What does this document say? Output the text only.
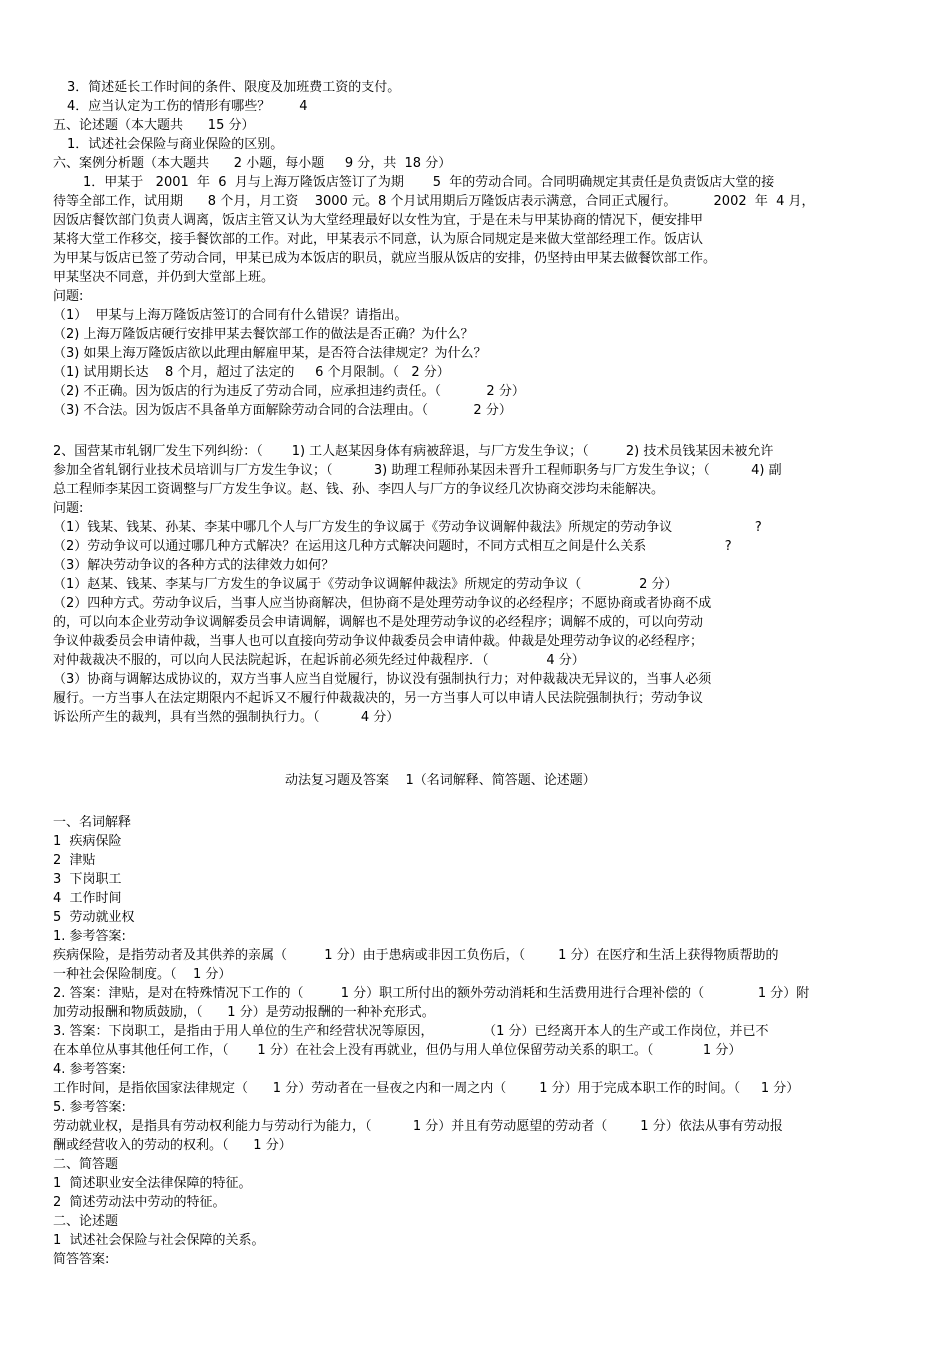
3．简述延长工作时间的条件、限度及加班费工资的支付。
4．应当认定为工伤的情形有哪些？       4
五、论述题（本大题共      15 分）
1．试述社会保险与商业保险的区别。
六、案例分析题（本大题共      2 小题，每小题     9 分，共  18 分）
1．甲某于   2001  年  6  月与上海万隆饭店签订了为期       5  年的劳动合同。合同明确规定其责任是负责饭店大堂的接
待等全部工作，试用期      8 个月，月工资    3000 元。8 个月试用期后万隆饭店表示满意，合同正式履行。         2002  年  4 月，
因饭店餐饮部门负责人调离，饭店主管又认为大堂经理最好以女性为宜，于是在未与甲某协商的情况下，便安排甲
某将大堂工作移交，接手餐饮部的工作。对此，甲某表示不同意，认为原合同规定是来做大堂部经理工作。饭店认
为甲某与饭店已签了劳动合同，甲某已成为本饭店的职员，就应当服从饭店的安排，仍坚持由甲某去做餐饮部工作。
甲某坚决不同意，并仍到大堂部上班。
问题:
（1）  甲某与上海万隆饭店签订的合同有什么错误？请指出。
（2) 上海万隆饭店硬行安排甲某去餐饮部工作的做法是否正确？为什么？
（3) 如果上海万隆饭店欲以此理由解雇甲某，是否符合法律规定？为什么？
（1) 试用期长达    8 个月，超过了法定的     6 个月限制。（   2 分）
（2) 不正确。因为饭店的行为违反了劳动合同，应承担违约责任。（           2 分）
（3) 不合法。因为饭店不具备单方面解除劳动合同的合法理由。（           2 分）
2、国营某市轧钢厂发生下列纠纷：（       1) 工人赵某因身体有病被辞退，与厂方发生争议；（         2) 技术员钱某因未被允许
参加全省轧钢行业技术员培训与厂方发生争议；（          3) 助理工程师孙某因未晋升工程师职务与厂方发生争议；（          4) 副
总工程师李某因工资调整与厂方发生争议。赵、钱、孙、李四人与厂方的争议经几次协商交涉均未能解决。
问题:
（1）钱某、钱某、孙某、李某中哪几个人与厂方发生的争议属于《劳动争议调解仲裁法》所规定的劳动争议                    ?
（2）劳动争议可以通过哪几种方式解决？在运用这几种方式解决问题时，不同方式相互之间是什么关系                   ?
（3）解决劳动争议的各种方式的法律效力如何？
（1）赵某、钱某、李某与厂方发生的争议属于《劳动争议调解仲裁法》所规定的劳动争议（              2 分）
（2）四种方式。劳动争议后，当事人应当协商解决，但协商不是处理劳动争议的必经程序；不愿协商或者协商不成
的，可以向本企业劳动争议调解委员会申请调解，调解也不是处理劳动争议的必经程序；调解不成的，可以向劳动
争议仲裁委员会申请仲裁，当事人也可以直接向劳动争议仲裁委员会申请仲裁。仲裁是处理劳动争议的必经程序；
对仲裁裁决不服的，可以向人民法院起诉，在起诉前必须先经过仲裁程序．（              4 分）
（3）协商与调解达成协议的，双方当事人应当自觉履行，协议没有强制执行力；对仲裁裁决无异议的，当事人必须
履行。一方当事人在法定期限内不起诉又不履行仲裁裁决的，另一方当事人可以申请人民法院强制执行；劳动争议
诉讼所产生的裁判，具有当然的强制执行力。（          4 分）
动法复习题及答案    1（名词解释、简答题、论述题）
一、名词解释
1  疾病保险
2  津贴
3  下岗职工
4  工作时间
5  劳动就业权
1. 参考答案:
疾病保险，是指劳动者及其供养的亲属（         1 分）由于患病或非因工负伤后，（        1 分）在医疗和生活上获得物质帮助的
一种社会保险制度。（    1 分）
2. 答案：津贴，是对在特殊情况下工作的（         1 分）职工所付出的额外劳动消耗和生活费用进行合理补偿的（             1 分）附
加劳动报酬和物质鼓励，（      1 分）是劳动报酬的一种补充形式。
3. 答案：下岗职工，是指由于用人单位的生产和经营状况等原因，            （1 分）已经离开本人的生产或工作岗位，并已不
在本单位从事其他任何工作，（       1 分）在社会上没有再就业，但仍与用人单位保留劳动关系的职工。（            1 分）
4. 参考答案:
工作时间，是指依国家法律规定（      1 分）劳动者在一昼夜之内和一周之内（        1 分）用于完成本职工作的时间。（     1 分）
5. 参考答案:
劳动就业权，是指具有劳动权利能力与劳动行为能力，（          1 分）并且有劳动愿望的劳动者（        1 分）依法从事有劳动报
酬或经营收入的劳动的权利。（      1 分）
二、简答题
1  简述职业安全法律保障的特征。
2  简述劳动法中劳动的特征。
二、论述题
1  试述社会保险与社会保障的关系。
简答答案:
